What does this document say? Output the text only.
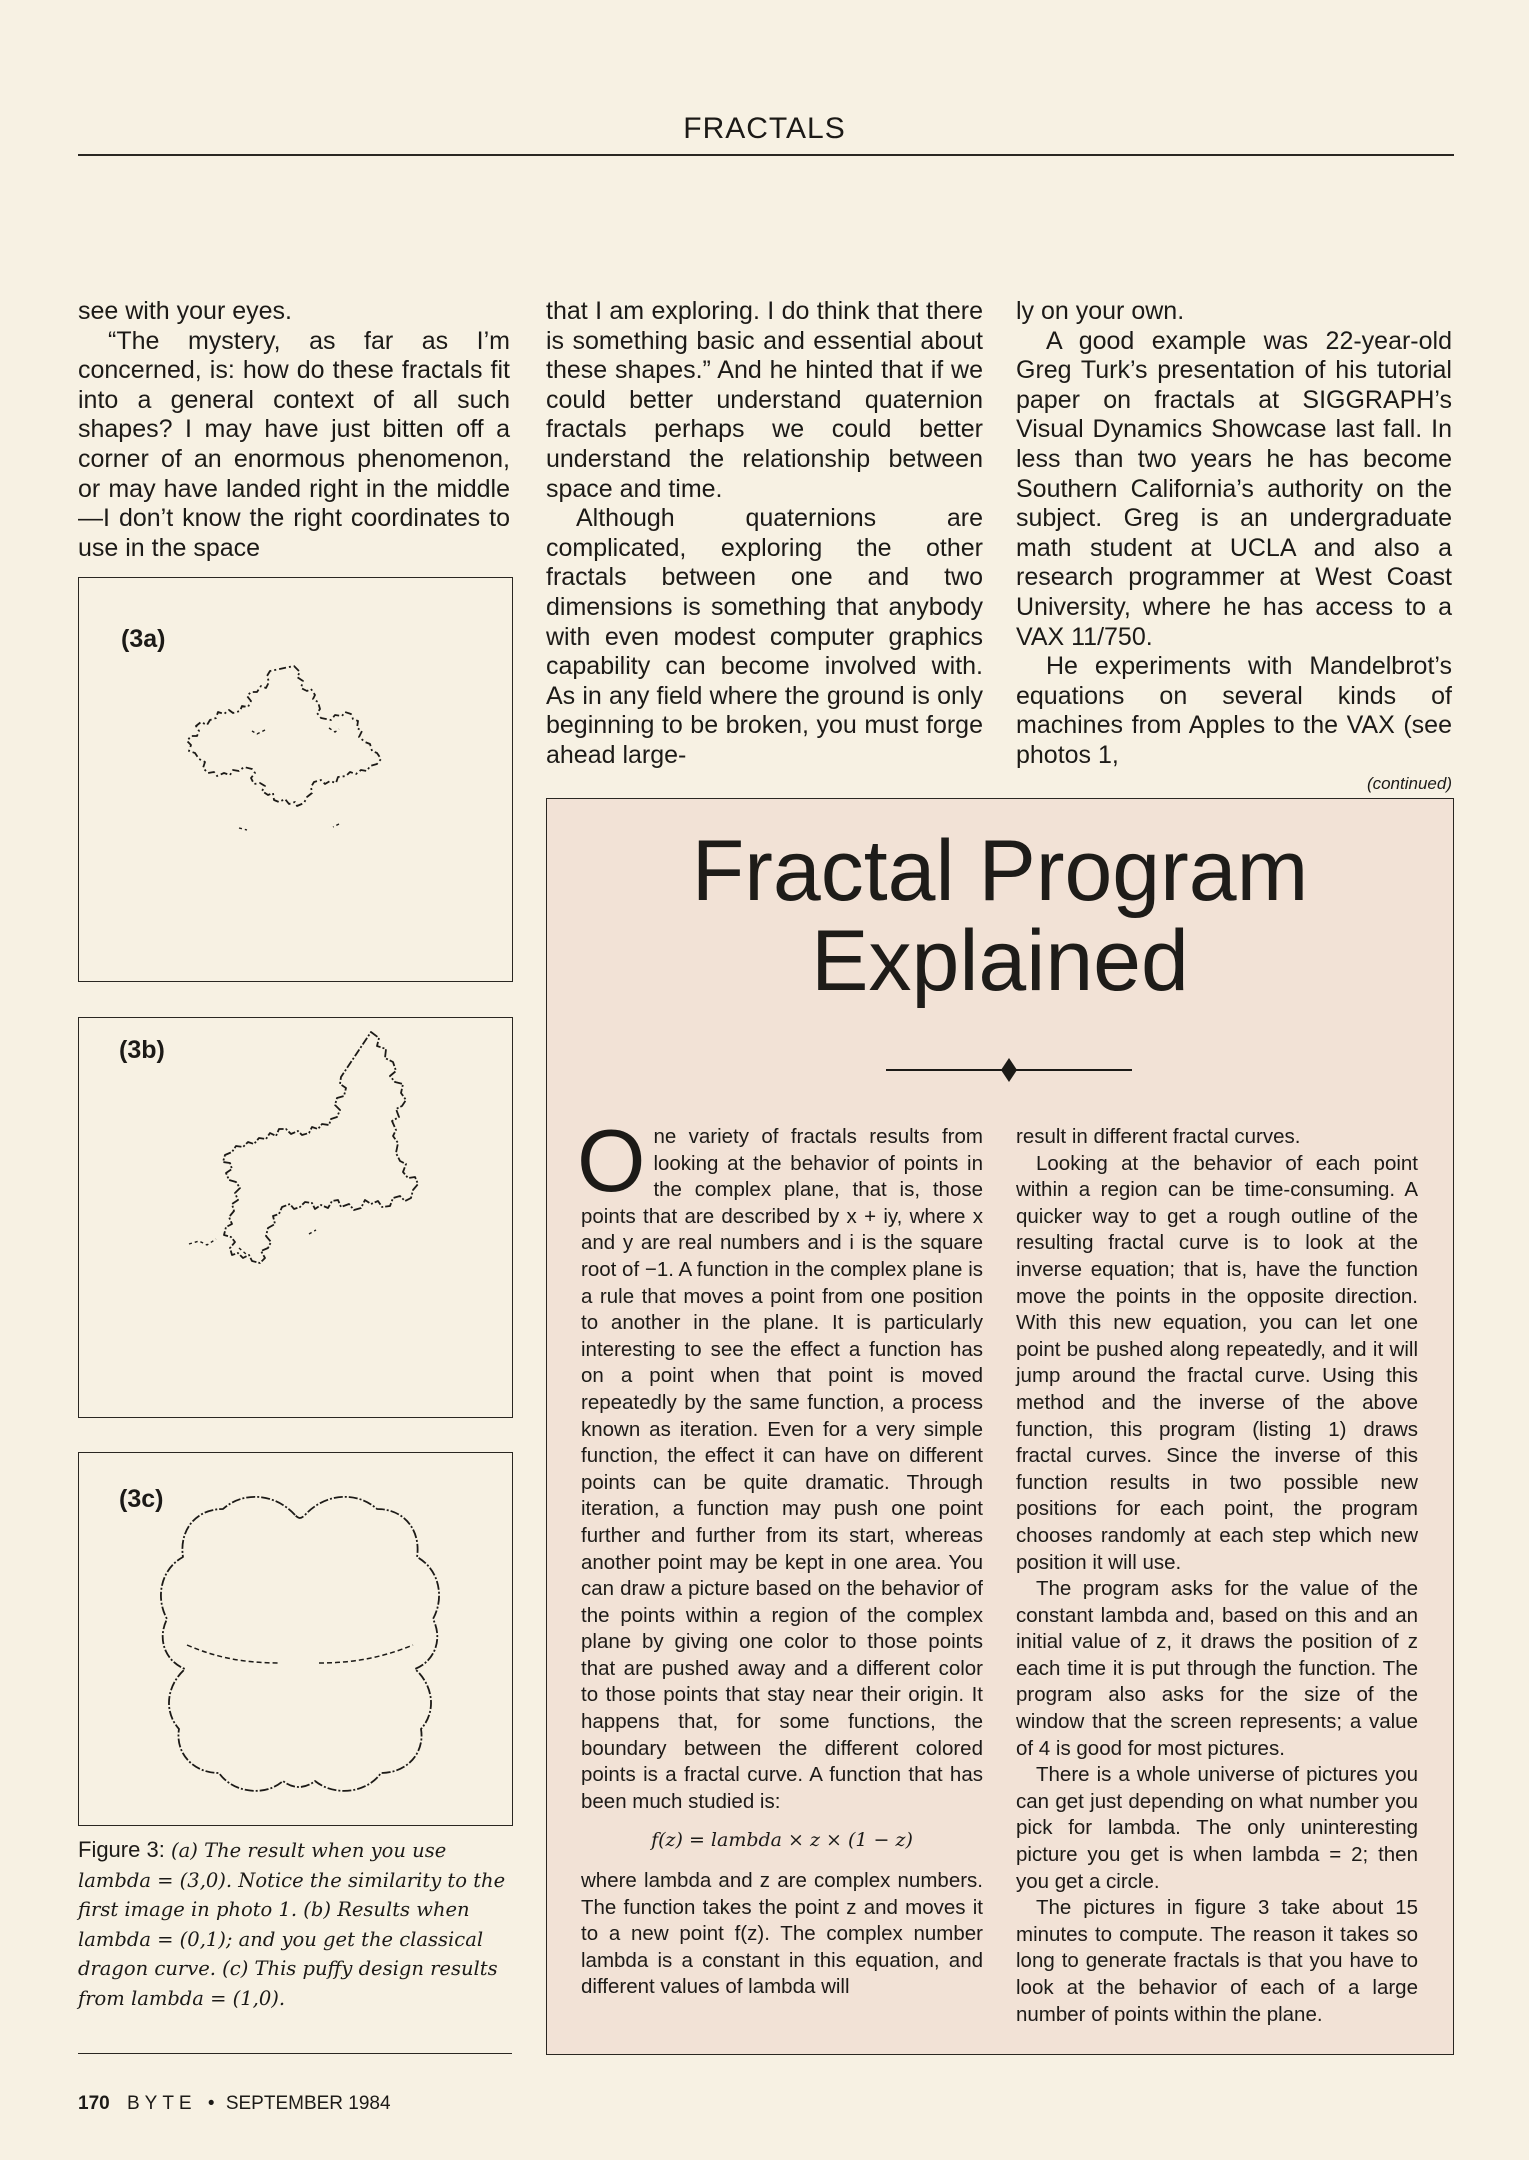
FRACTALS

see with your eyes.

“The mystery, as far as I’m concerned, is: how do these fractals fit into a general context of all such shapes? I may have just bitten off a corner of an enormous phenomenon, or may have landed right in the middle—I don’t know the right coordinates to use in the space

that I am exploring. I do think that there is something basic and essential about these shapes.” And he hinted that if we could better understand quaternion fractals perhaps we could better understand the relationship between space and time.

Although quaternions are complicated, exploring the other fractals between one and two dimensions is something that anybody with even modest computer graphics capability can become involved with. As in any field where the ground is only beginning to be broken, you must forge ahead large-

ly on your own.

A good example was 22-year-old Greg Turk’s presentation of his tutorial paper on fractals at SIGGRAPH’s Visual Dynamics Showcase last fall. In less than two years he has become Southern California’s authority on the subject. Greg is an undergraduate math student at UCLA and also a research programmer at West Coast University, where he has access to a VAX 11/750.

He experiments with Mandelbrot’s equations on several kinds of machines from Apples to the VAX (see photos 1,

(continued)
(3a)
(3b)
(3c)
Figure 3: (a) The result when you use lambda = (3,0). Notice the similarity to the first image in photo 1. (b) Results when lambda = (0,1); and you get the classical dragon curve. (c) This puffy design results from lambda = (1,0).
Fractal Program
Explained

One variety of fractals results from looking at the behavior of points in the complex plane, that is, those points that are described by x + iy, where x and y are real numbers and i is the square root of −1. A function in the complex plane is a rule that moves a point from one position to another in the plane. It is particularly interesting to see the effect a function has on a point when that point is moved repeatedly by the same function, a process known as iteration. Even for a very simple function, the effect it can have on different points can be quite dramatic. Through iteration, a function may push one point further and further from its start, whereas another point may be kept in one area. You can draw a picture based on the behavior of the points within a region of the complex plane by giving one color to those points that are pushed away and a different color to those points that stay near their origin. It happens that, for some functions, the boundary between the different colored points is a fractal curve. A function that has been much studied is:

f(z) = lambda × z × (1 − z)

where lambda and z are complex numbers. The function takes the point z and moves it to a new point f(z). The complex number lambda is a constant in this equation, and different values of lambda will

result in different fractal curves.

Looking at the behavior of each point within a region can be time-consuming. A quicker way to get a rough outline of the resulting fractal curve is to look at the inverse equation; that is, have the function move the points in the opposite direction. With this new equation, you can let one point be pushed along repeatedly, and it will jump around the fractal curve. Using this method and the inverse of the above function, this program (listing 1) draws fractal curves. Since the inverse of this function results in two possible new positions for each point, the program chooses randomly at each step which new position it will use.

The program asks for the value of the constant lambda and, based on this and an initial value of z, it draws the position of z each time it is put through the function. The program also asks for the size of the window that the screen represents; a value of 4 is good for most pictures.

There is a whole universe of pictures you can get just depending on what number you pick for lambda. The only uninteresting picture you get is when lambda = 2; then you get a circle.

The pictures in figure 3 take about 15 minutes to compute. The reason it takes so long to generate fractals is that you have to look at the behavior of each of a large number of points within the plane.

170 BYTE • SEPTEMBER 1984
